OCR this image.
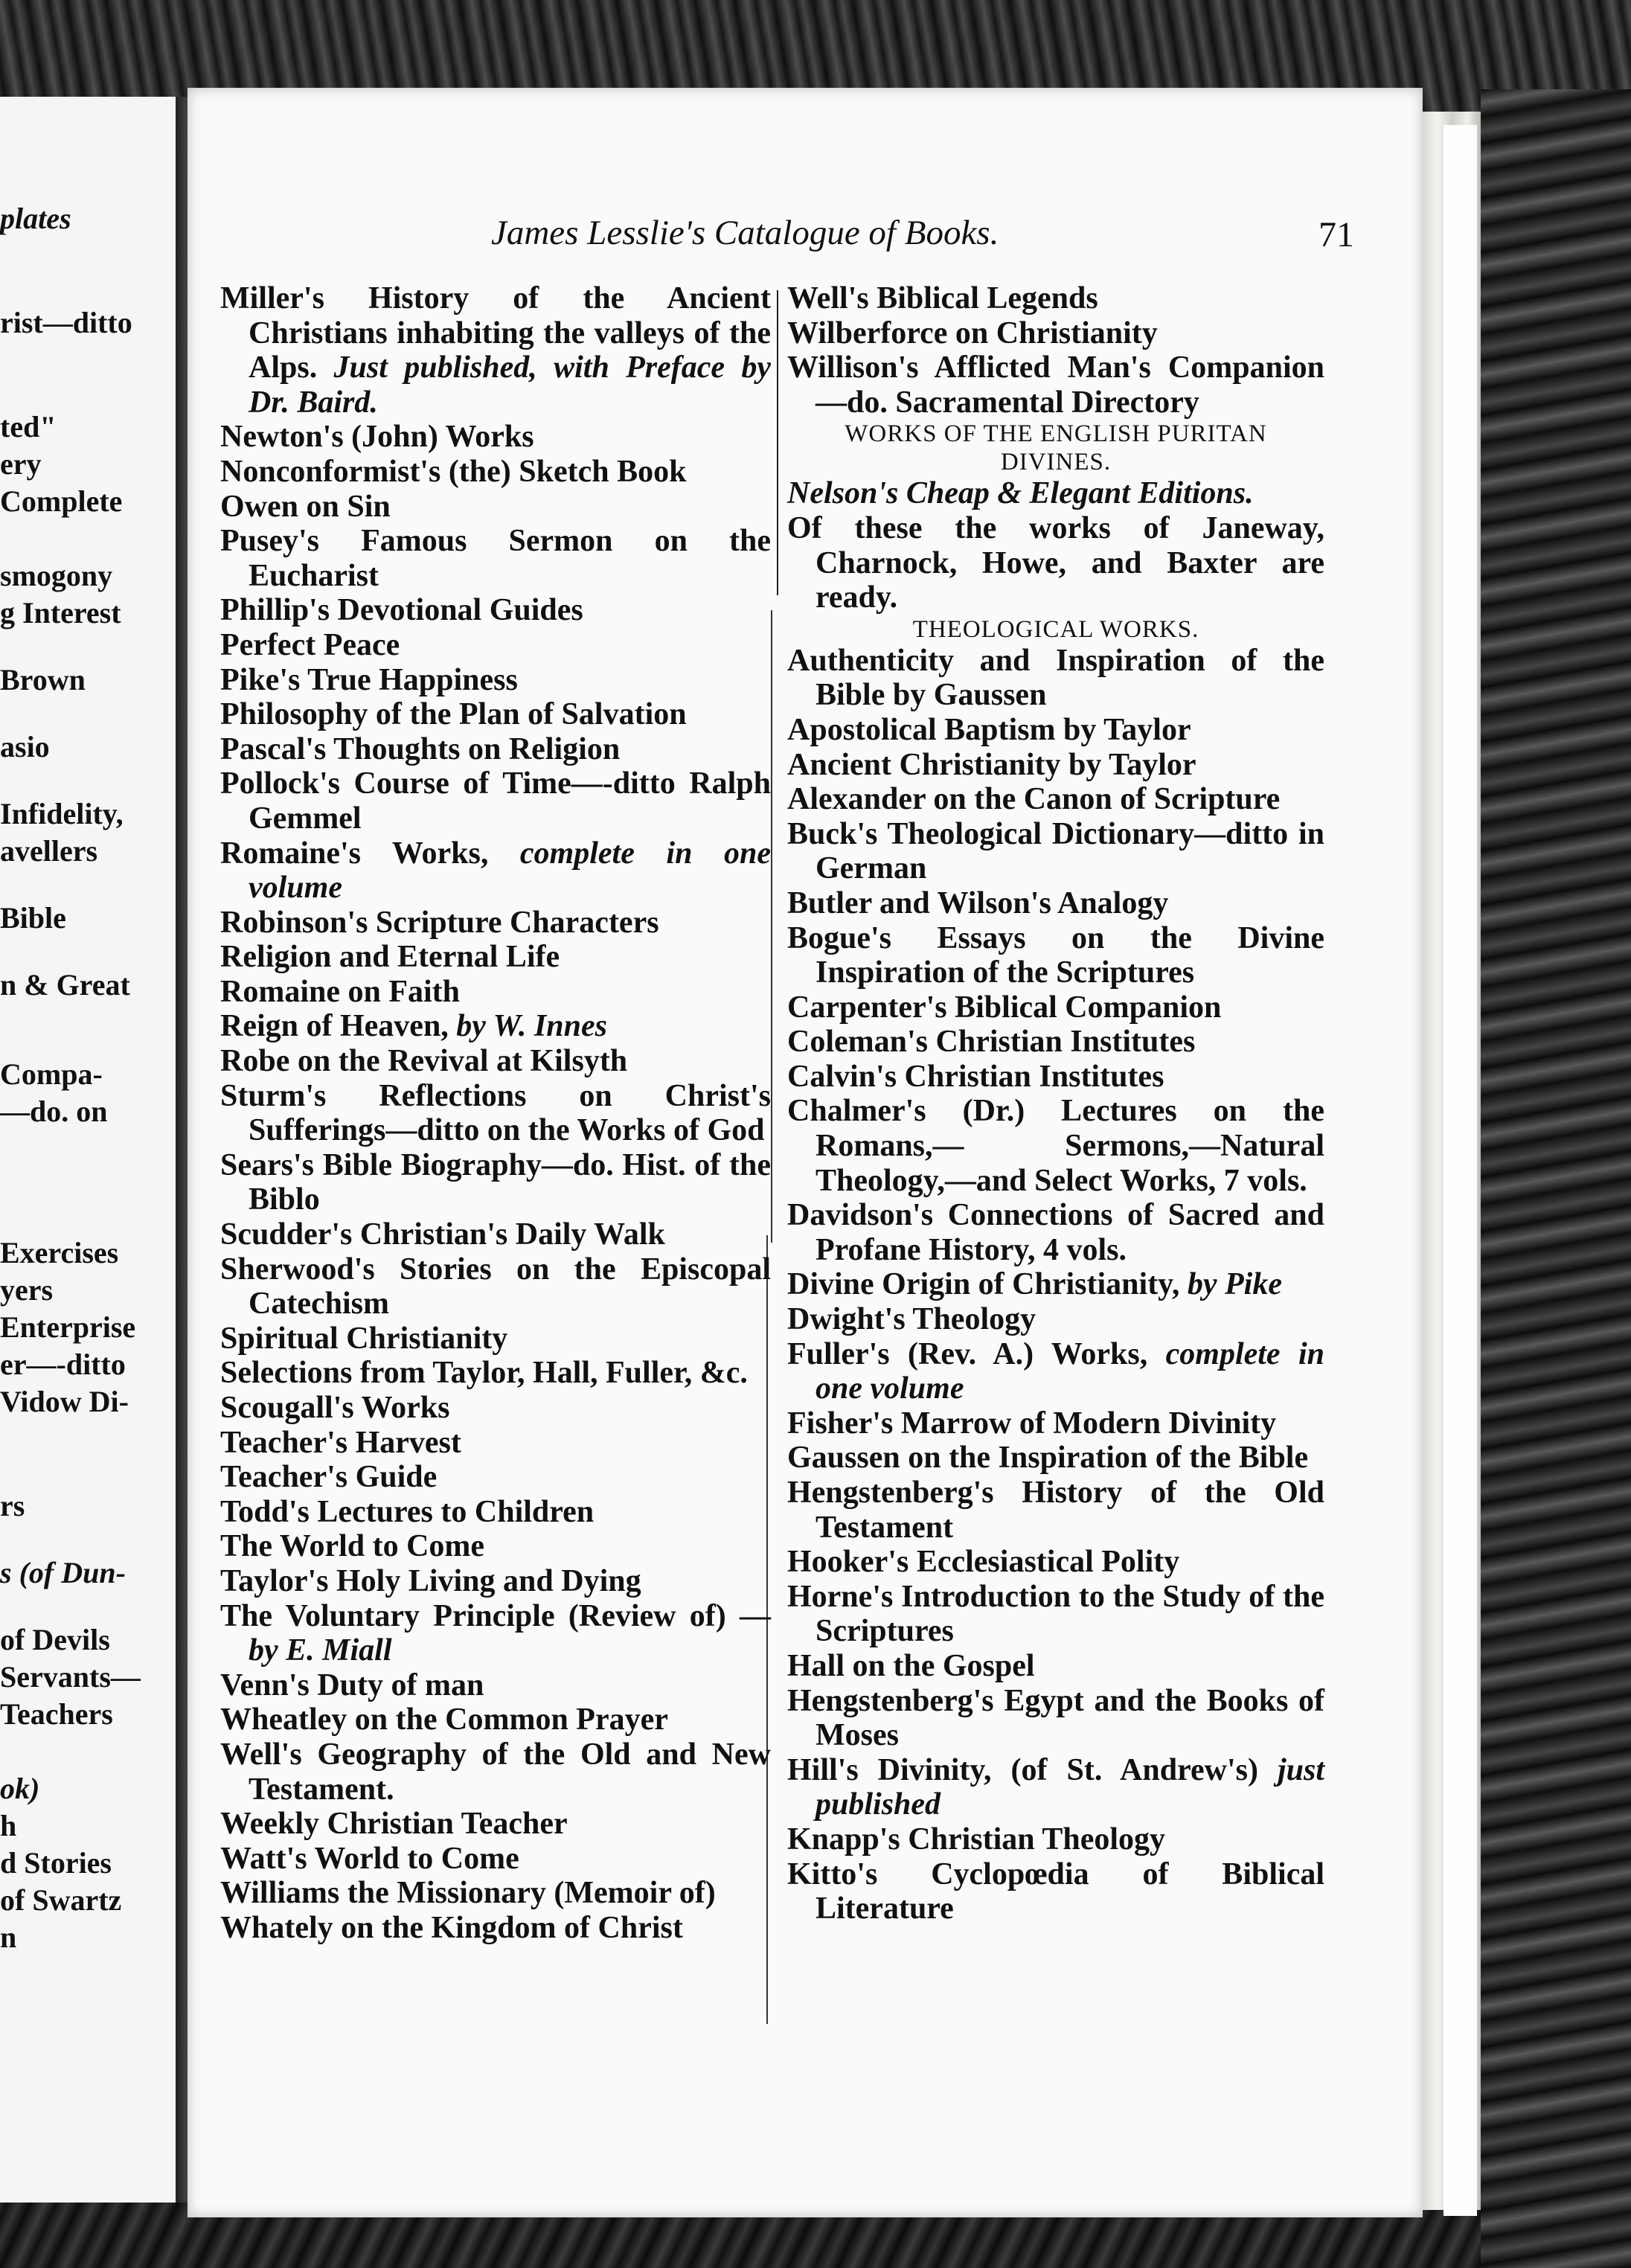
plates
rist—ditto
ted"
ery
Complete
smogony
g Interest
Brown
asio
Infidelity,
avellers
Bible
n & Great
Compa-
—do. on
Exercises
yers
Enterprise
er—-ditto
Vidow Di-
rs
s (of Dun-
of Devils
Servants—
Teachers
ok)
h
d Stories
of Swartz
n
James Lesslie's Catalogue of Books.	71
Miller's History of the Ancient Christians inhabiting the valleys of the Alps. Just published, with Preface by Dr. Baird.
Newton's (John) Works
Nonconformist's (the) Sketch Book
Owen on Sin
Pusey's Famous Sermon on the Eucharist
Phillip's Devotional Guides
Perfect Peace
Pike's True Happiness
Philosophy of the Plan of Salvation
Pascal's Thoughts on Religion
Pollock's Course of Time—-ditto Ralph Gemmel
Romaine's Works, complete in one volume
Robinson's Scripture Characters
Religion and Eternal Life
Romaine on Faith
Reign of Heaven, by W. Innes
Robe on the Revival at Kilsyth
Sturm's Reflections on Christ's Sufferings—ditto on the Works of God
Sears's Bible Biography—do. Hist. of the Biblo
Scudder's Christian's Daily Walk
Sherwood's Stories on the Episcopal Catechism
Spiritual Christianity
Selections from Taylor, Hall, Fuller, &c.
Scougall's Works
Teacher's Harvest
Teacher's Guide
Todd's Lectures to Children
The World to Come
Taylor's Holy Living and Dying
The Voluntary Principle (Review of) —by E. Miall
Venn's Duty of man
Wheatley on the Common Prayer
Well's Geography of the Old and New Testament.
Weekly Christian Teacher
Watt's World to Come
Williams the Missionary (Memoir of)
Whately on the Kingdom of Christ
Well's Biblical Legends
Wilberforce on Christianity
Willison's Afflicted Man's Companion—do. Sacramental Directory
WORKS OF THE ENGLISH PURITAN DIVINES.
Nelson's Cheap & Elegant Editions.
Of these the works of Janeway, Charnock, Howe, and Baxter are ready.
THEOLOGICAL WORKS.
Authenticity and Inspiration of the Bible by Gaussen
Apostolical Baptism by Taylor
Ancient Christianity by Taylor
Alexander on the Canon of Scripture
Buck's Theological Dictionary—ditto in German
Butler and Wilson's Analogy
Bogue's Essays on the Divine Inspiration of the Scriptures
Carpenter's Biblical Companion
Coleman's Christian Institutes
Calvin's Christian Institutes
Chalmer's (Dr.) Lectures on the Romans,— Sermons,—Natural Theology,—and Select Works, 7 vols.
Davidson's Connections of Sacred and Profane History, 4 vols.
Divine Origin of Christianity, by Pike
Dwight's Theology
Fuller's (Rev. A.) Works, complete in one volume
Fisher's Marrow of Modern Divinity
Gaussen on the Inspiration of the Bible
Hengstenberg's History of the Old Testament
Hooker's Ecclesiastical Polity
Horne's Introduction to the Study of the Scriptures
Hall on the Gospel
Hengstenberg's Egypt and the Books of Moses
Hill's Divinity, (of St. Andrew's) just published
Knapp's Christian Theology
Kitto's Cyclopœdia of Biblical Literature
